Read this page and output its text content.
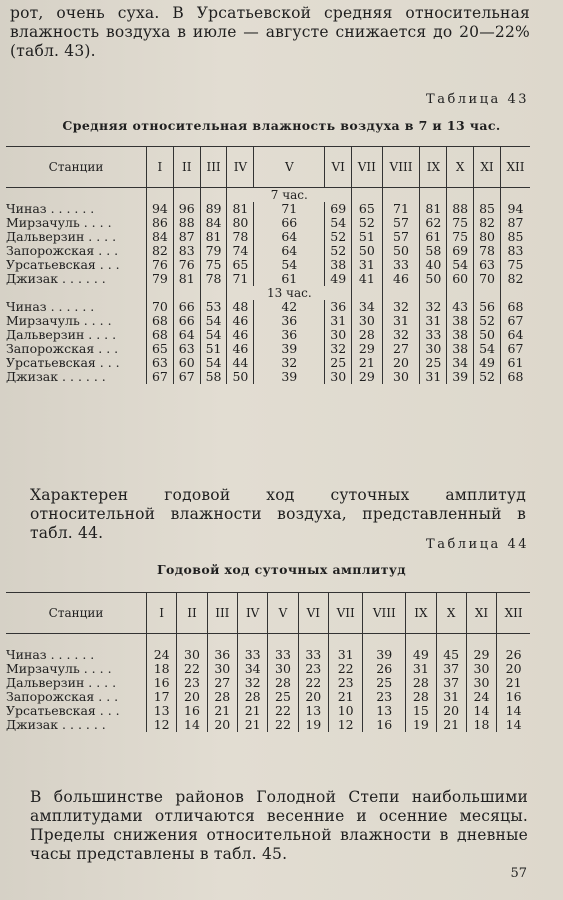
рот, очень суха. В Урсатьевской средняя относительная влажность воздуха в июле — августе снижается до 20—22% (табл. 43).
Таблица 43
Средняя относительная влажность воздуха в 7 и 13 час.
Станции	I	II	III	IV	V	VI	VII	VIII	IX	X	XI	XII
					7 час.							
Чиназ . . . . . .	94	96	89	81	71	69	65	71	81	88	85	94
Мирзачуль . . . .	86	88	84	80	66	54	52	57	62	75	82	87
Дальверзин . . . .	84	87	81	78	64	52	51	57	61	75	80	85
Запорожская . . .	82	83	79	74	64	52	50	50	58	69	78	83
Урсатьевская . . .	76	76	75	65	54	38	31	33	40	54	63	75
Джизак . . . . . .	79	81	78	71	61	49	41	46	50	60	70	82
					13 час.							
Чиназ . . . . . .	70	66	53	48	42	36	34	32	32	43	56	68
Мирзачуль . . . .	68	66	54	46	36	31	30	31	31	38	52	67
Дальверзин . . . .	68	64	54	46	36	30	28	32	33	38	50	64
Запорожская . . .	65	63	51	46	39	32	29	27	30	38	54	67
Урсатьевская . . .	63	60	54	44	32	25	21	20	25	34	49	61
Джизак . . . . . .	67	67	58	50	39	30	29	30	31	39	52	68
Характерен годовой ход суточных амплитуд относительной влажности воздуха, представленный в табл. 44.
Таблица 44
Годовой ход суточных амплитуд
Станции	I	II	III	IV	V	VI	VII	VIII	IX	X	XI	XII

Чиназ . . . . . .	24	30	36	33	33	33	31	39	49	45	29	26
Мирзачуль . . . .	18	22	30	34	30	23	22	26	31	37	30	20
Дальверзин . . . .	16	23	27	32	28	22	23	25	28	37	30	21
Запорожская . . .	17	20	28	28	25	20	21	23	28	31	24	16
Урсатьевская . . .	13	16	21	21	22	13	10	13	15	20	14	14
Джизак . . . . . .	12	14	20	21	22	19	12	16	19	21	18	14
В большинстве районов Голодной Степи наибольшими амплитудами отличаются весенние и осенние месяцы. Пределы снижения относительной влажности в дневные часы представлены в табл. 45.
57
